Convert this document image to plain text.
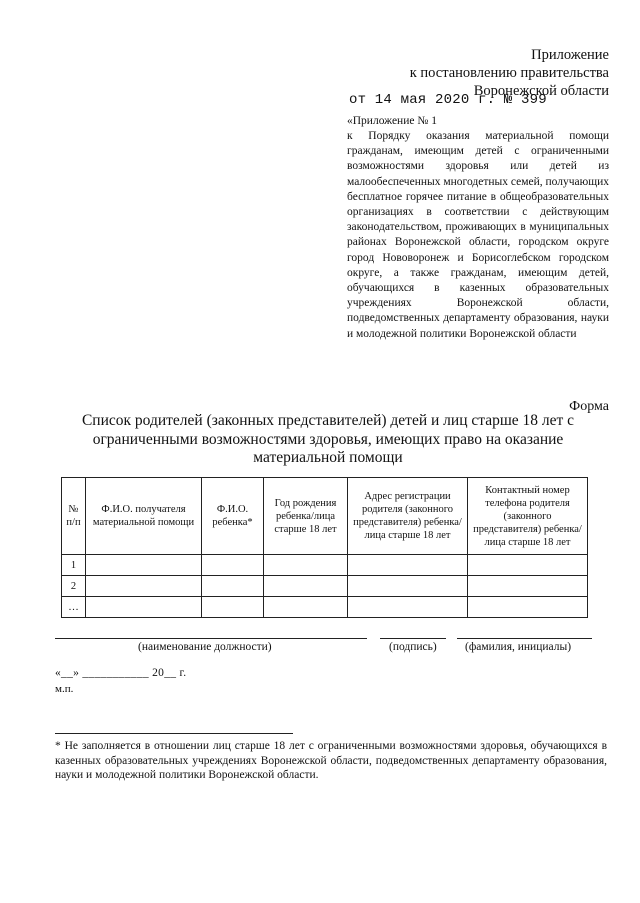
Приложение
к постановлению правительства
Воронежской области
от 14 мая 2020 г. № 399
«Приложение № 1
к Порядку оказания материальной помощи гражданам, имеющим детей с ограниченными возможностями здоровья или детей из малообеспеченных многодетных семей, получающих бесплатное горячее питание в общеобразовательных организациях в соответствии с действующим законодательством, проживающих в муниципальных районах Воронежской области, городском округе город Нововоронеж и Борисоглебском городском округе, а также гражданам, имеющим детей, обучающихся в казенных образовательных учреждениях Воронежской области, подведомственных департаменту образования, науки и молодежной политики Воронежской области
Форма
Список родителей (законных представителей) детей и лиц старше 18 лет с ограниченными возможностями здоровья, имеющих право на оказание материальной помощи
№ п/п	Ф.И.О. получателя материальной помощи	Ф.И.О. ребенка*	Год рождения ребенка/лица старше 18 лет	Адрес регистрации родителя (законного представителя) ребенка/лица старше 18 лет	Контактный номер телефона родителя (законного представителя) ребенка/лица старше 18 лет
1					
2					
…					
(наименование должности)	(подпись) (фамилия, инициалы)
«__» ___________ 20__ г.
м.п.
* Не заполняется в отношении лиц старше 18 лет с ограниченными возможностями здоровья, обучающихся в казенных образовательных учреждениях Воронежской области, подведомственных департаменту образования, науки и молодежной политики Воронежской области.
